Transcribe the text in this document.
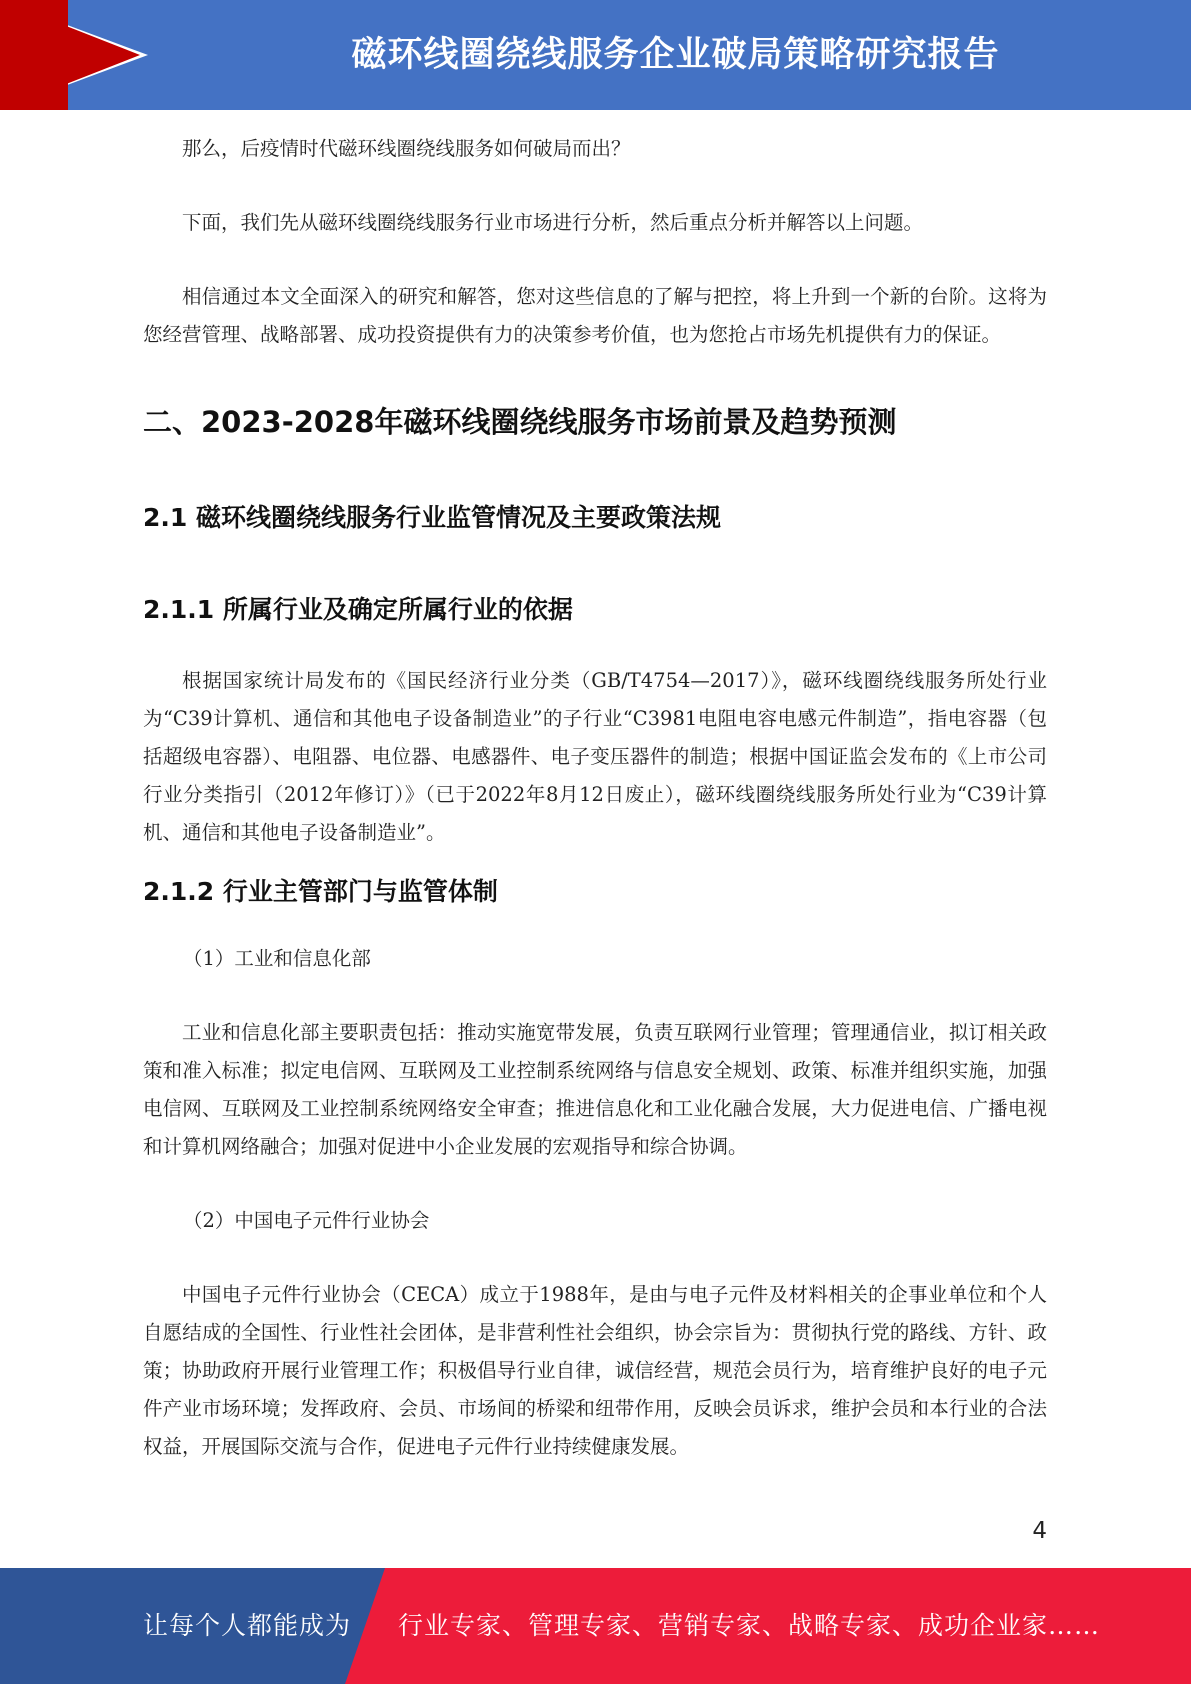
磁环线圈绕线服务企业破局策略研究报告

那么，后疫情时代磁环线圈绕线服务如何破局而出？

下面，我们先从磁环线圈绕线服务行业市场进行分析，然后重点分析并解答以上问题。

相信通过本文全面深入的研究和解答，您对这些信息的了解与把控，将上升到一个新的台阶。这将为您经营管理、战略部署、成功投资提供有力的决策参考价值，也为您抢占市场先机提供有力的保证。

二、2023-2028年磁环线圈绕线服务市场前景及趋势预测
2.1 磁环线圈绕线服务行业监管情况及主要政策法规
2.1.1 所属行业及确定所属行业的依据

根据国家统计局发布的《国民经济行业分类（GB/T4754—2017）》，磁环线圈绕线服务所处行业为“C39计算机、通信和其他电子设备制造业”的子行业“C3981电阻电容电感元件制造”，指电容器（包括超级电容器）、电阻器、电位器、电感器件、电子变压器件的制造；根据中国证监会发布的《上市公司行业分类指引（2012年修订）》（已于2022年8月12日废止），磁环线圈绕线服务所处行业为“C39计算机、通信和其他电子设备制造业”。

2.1.2 行业主管部门与监管体制

（1）工业和信息化部

工业和信息化部主要职责包括：推动实施宽带发展，负责互联网行业管理；管理通信业，拟订相关政策和准入标准；拟定电信网、互联网及工业控制系统网络与信息安全规划、政策、标准并组织实施，加强电信网、互联网及工业控制系统网络安全审查；推进信息化和工业化融合发展，大力促进电信、广播电视和计算机网络融合；加强对促进中小企业发展的宏观指导和综合协调。

（2）中国电子元件行业协会

中国电子元件行业协会（CECA）成立于1988年，是由与电子元件及材料相关的企事业单位和个人自愿结成的全国性、行业性社会团体，是非营利性社会组织，协会宗旨为：贯彻执行党的路线、方针、政策；协助政府开展行业管理工作；积极倡导行业自律，诚信经营，规范会员行为，培育维护良好的电子元件产业市场环境；发挥政府、会员、市场间的桥梁和纽带作用，反映会员诉求，维护会员和本行业的合法权益，开展国际交流与合作，促进电子元件行业持续健康发展。

4
让每个人都能成为 行业专家、管理专家、营销专家、战略专家、成功企业家……
